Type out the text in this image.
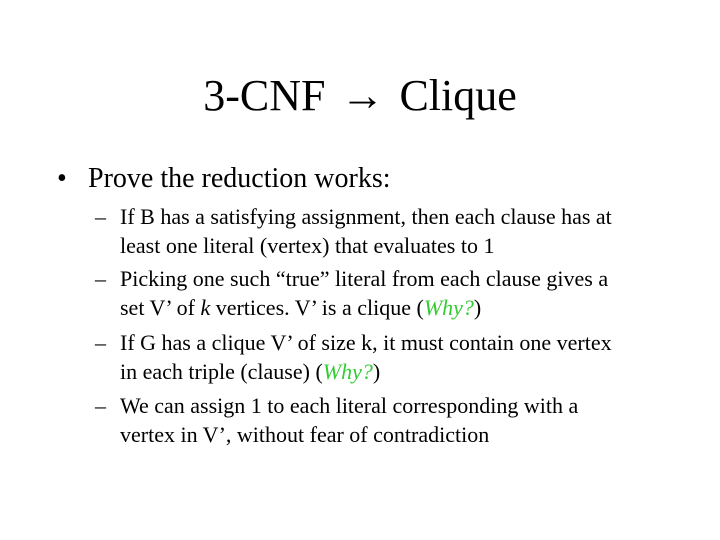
3-CNF → Clique
• Prove the reduction works:
– If B has a satisfying assignment, then each clause has at
least one literal (vertex) that evaluates to 1
– Picking one such “true” literal from each clause gives a
set V’ of k vertices. V’ is a clique (Why?)
– If G has a clique V’ of size k, it must contain one vertex
in each triple (clause) (Why?)
– We can assign 1 to each literal corresponding with a
vertex in V’, without fear of contradiction
